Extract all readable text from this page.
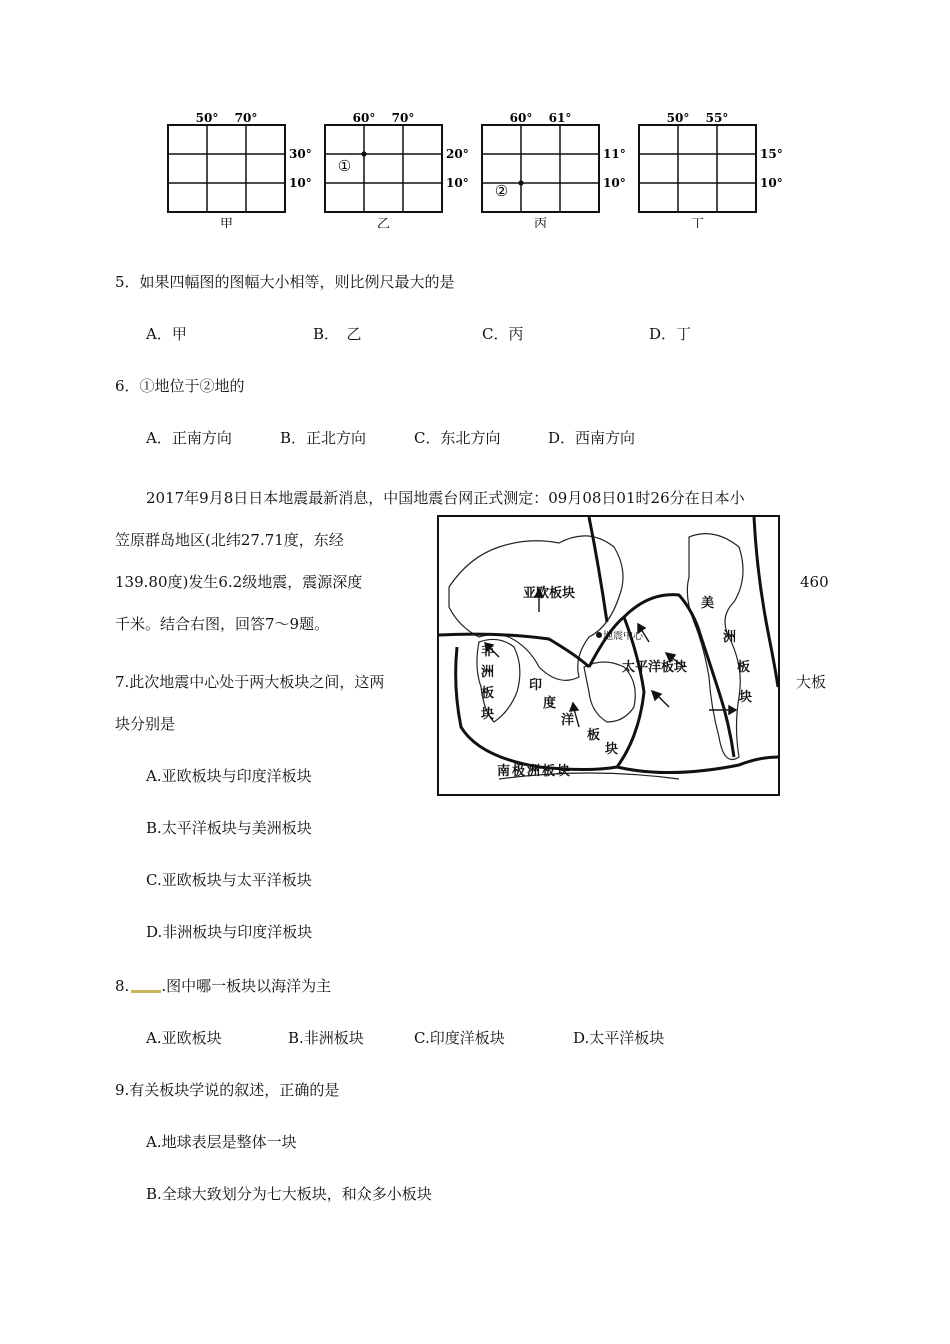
50° 70°
30°
10°
甲
60° 70°
20°
10°
乙
①
60° 61°
11°
10°
丙
②
50° 55°
15°
10°
丁
5．如果四幅图的图幅大小相等，则比例尺最大的是
A．甲	B．　乙	C．丙	D．丁
6．①地位于②地的
A．正南方向	B．正北方向	C．东北方向	D．西南方向
2017年9月8日日本地震最新消息，中国地震台网正式测定：09月08日01时26分在日本小
笠原群岛地区(北纬27.71度，东经
139.80度)发生6.2级地震，震源深度	460
千米。结合右图，回答7～9题。
亚欧板块
地震中心
太平洋板块
非
洲
板
块
印
度
洋
板
块
美
洲
板
块
南极洲板块
7.此次地震中心处于两大板块之间，这两	大板
块分别是
A.亚欧板块与印度洋板块
B.太平洋板块与美洲板块
C.亚欧板块与太平洋板块
D.非洲板块与印度洋板块
8. .图中哪一板块以海洋为主
A.亚欧板块	B.非洲板块	C.印度洋板块	D.太平洋板块
9.有关板块学说的叙述，正确的是
A.地球表层是整体一块
B.全球大致划分为七大板块，和众多小板块
